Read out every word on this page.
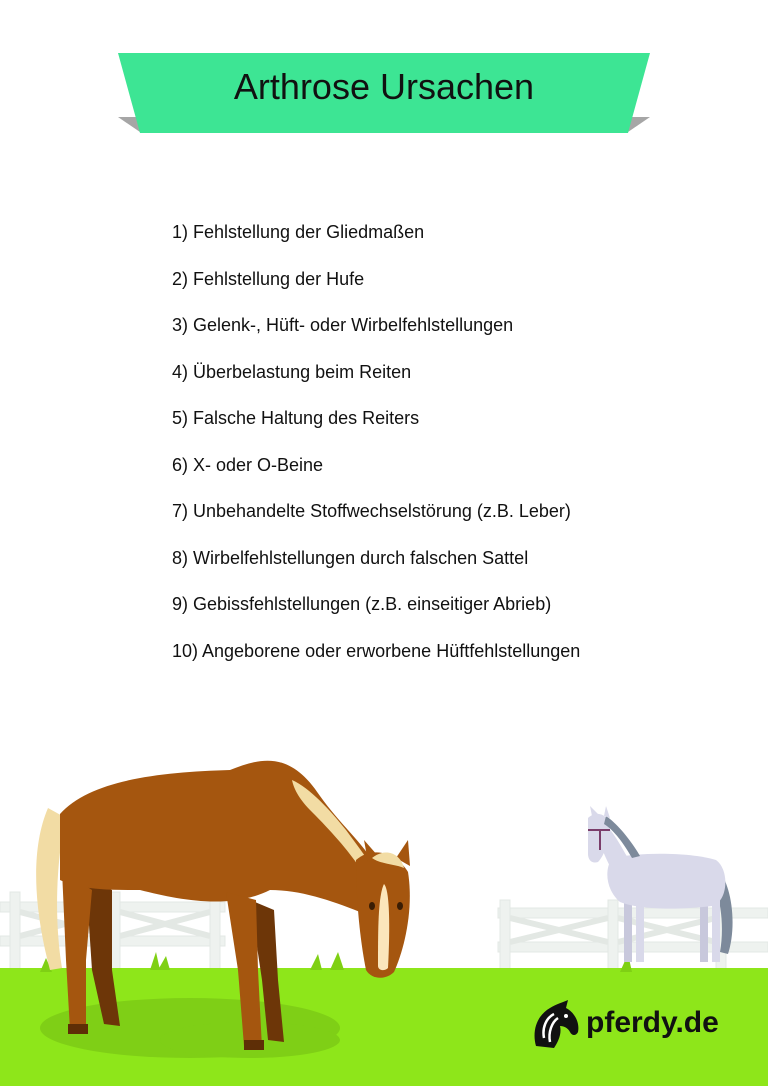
Arthrose Ursachen
1) Fehlstellung der Gliedmaßen
2) Fehlstellung der Hufe
3) Gelenk-, Hüft- oder Wirbelfehlstellungen
4) Überbelastung beim Reiten
5) Falsche Haltung des Reiters
6) X- oder O-Beine
7) Unbehandelte Stoffwechselstörung (z.B. Leber)
8) Wirbelfehlstellungen durch falschen Sattel
9) Gebissfehlstellungen (z.B. einseitiger Abrieb)
10) Angeborene oder erworbene Hüftfehlstellungen
pferdy.de
